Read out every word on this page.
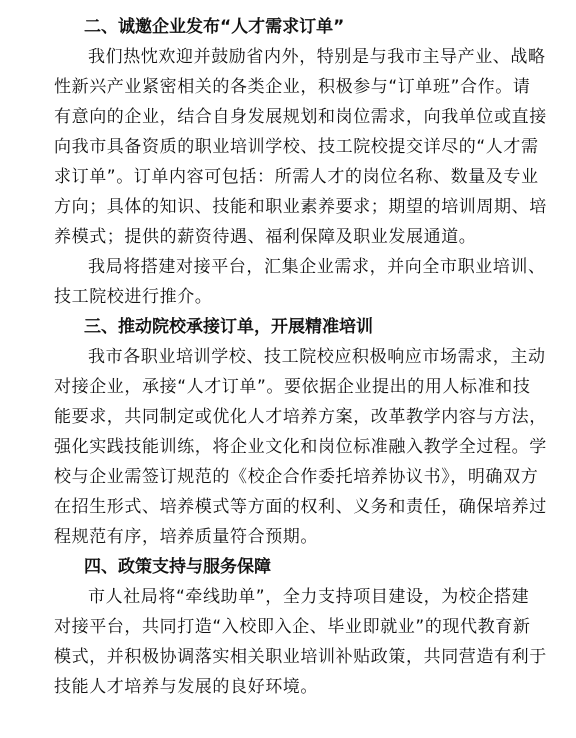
二、诚邀企业发布“人才需求订单”

我们热忱欢迎并鼓励省内外，特别是与我市主导产业、战略
性新兴产业紧密相关的各类企业，积极参与“订单班”合作。请
有意向的企业，结合自身发展规划和岗位需求，向我单位或直接
向我市具备资质的职业培训学校、技工院校提交详尽的“人才需
求订单”。订单内容可包括：所需人才的岗位名称、数量及专业
方向；具体的知识、技能和职业素养要求；期望的培训周期、培
养模式；提供的薪资待遇、福利保障及职业发展通道。

我局将搭建对接平台，汇集企业需求，并向全市职业培训、
技工院校进行推介。

三、推动院校承接订单，开展精准培训

我市各职业培训学校、技工院校应积极响应市场需求，主动
对接企业，承接“人才订单”。要依据企业提出的用人标准和技
能要求，共同制定或优化人才培养方案，改革教学内容与方法，
强化实践技能训练，将企业文化和岗位标准融入教学全过程。学
校与企业需签订规范的《校企合作委托培养协议书》，明确双方
在招生形式、培养模式等方面的权利、义务和责任，确保培养过
程规范有序，培养质量符合预期。

四、政策支持与服务保障

市人社局将“牵线助单”，全力支持项目建设，为校企搭建
对接平台，共同打造“入校即入企、毕业即就业”的现代教育新
模式，并积极协调落实相关职业培训补贴政策，共同营造有利于
技能人才培养与发展的良好环境。
